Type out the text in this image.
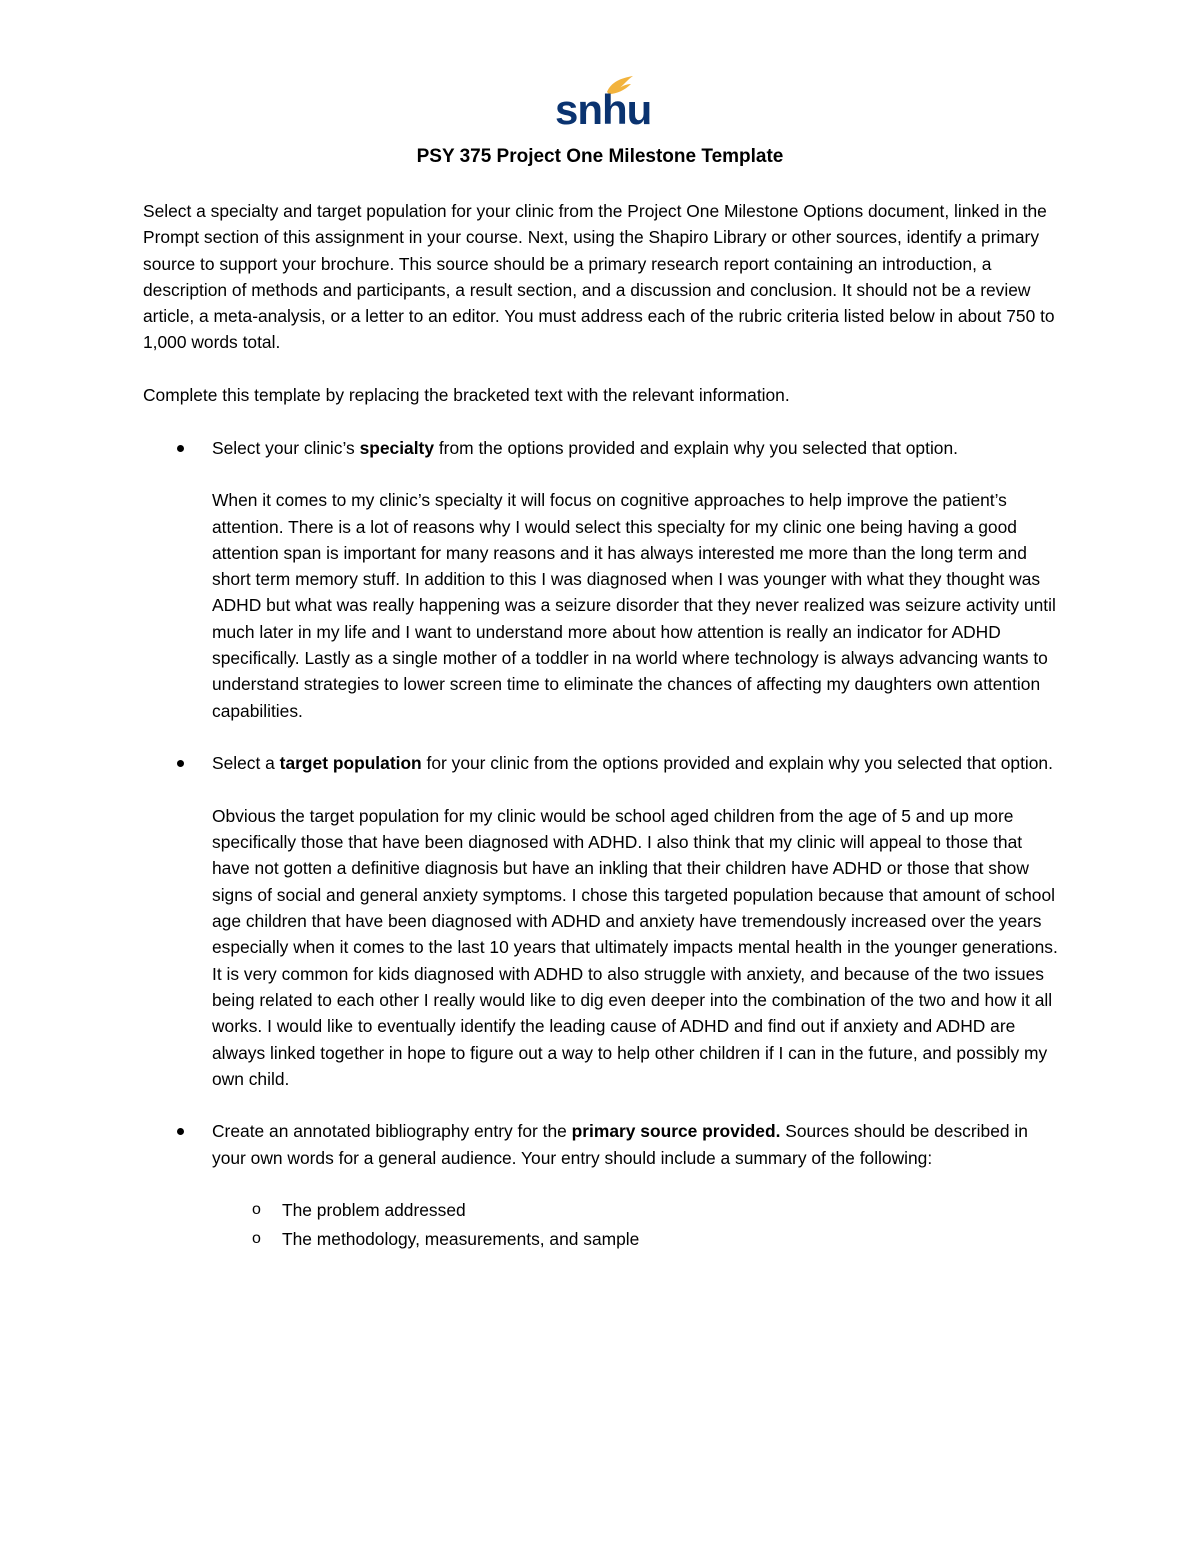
snhu
PSY 375 Project One Milestone Template

Select a specialty and target population for your clinic from the Project One Milestone Options document, linked in the Prompt section of this assignment in your course. Next, using the Shapiro Library or other sources, identify a primary source to support your brochure. This source should be a primary research report containing an introduction, a description of methods and participants, a result section, and a discussion and conclusion. It should not be a review article, a meta-analysis, or a letter to an editor. You must address each of the rubric criteria listed below in about 750 to 1,000 words total.

Complete this template by replacing the bracketed text with the relevant information.

Select your clinic’s specialty from the options provided and explain why you selected that option.

When it comes to my clinic’s specialty it will focus on cognitive approaches to help improve the patient’s attention. There is a lot of reasons why I would select this specialty for my clinic one being having a good attention span is important for many reasons and it has always interested me more than the long term and short term memory stuff. In addition to this I was diagnosed when I was younger with what they thought was ADHD but what was really happening was a seizure disorder that they never realized was seizure activity until much later in my life and I want to understand more about how attention is really an indicator for ADHD specifically. Lastly as a single mother of a toddler in na world where technology is always advancing wants to understand strategies to lower screen time to eliminate the chances of affecting my daughters own attention capabilities.

Select a target population for your clinic from the options provided and explain why you selected that option.

Obvious the target population for my clinic would be school aged children from the age of 5 and up more specifically those that have been diagnosed with ADHD. I also think that my clinic will appeal to those that have not gotten a definitive diagnosis but have an inkling that their children have ADHD or those that show signs of social and general anxiety symptoms. I chose this targeted population because that amount of school age children that have been diagnosed with ADHD and anxiety have tremendously increased over the years especially when it comes to the last 10 years that ultimately impacts mental health in the younger generations. It is very common for kids diagnosed with ADHD to also struggle with anxiety, and because of the two issues being related to each other I really would like to dig even deeper into the combination of the two and how it all works. I would like to eventually identify the leading cause of ADHD and find out if anxiety and ADHD are always linked together in hope to figure out a way to help other children if I can in the future, and possibly my own child.

Create an annotated bibliography entry for the primary source provided. Sources should be described in your own words for a general audience. Your entry should include a summary of the following:

o The problem addressed
o The methodology, measurements, and sample
